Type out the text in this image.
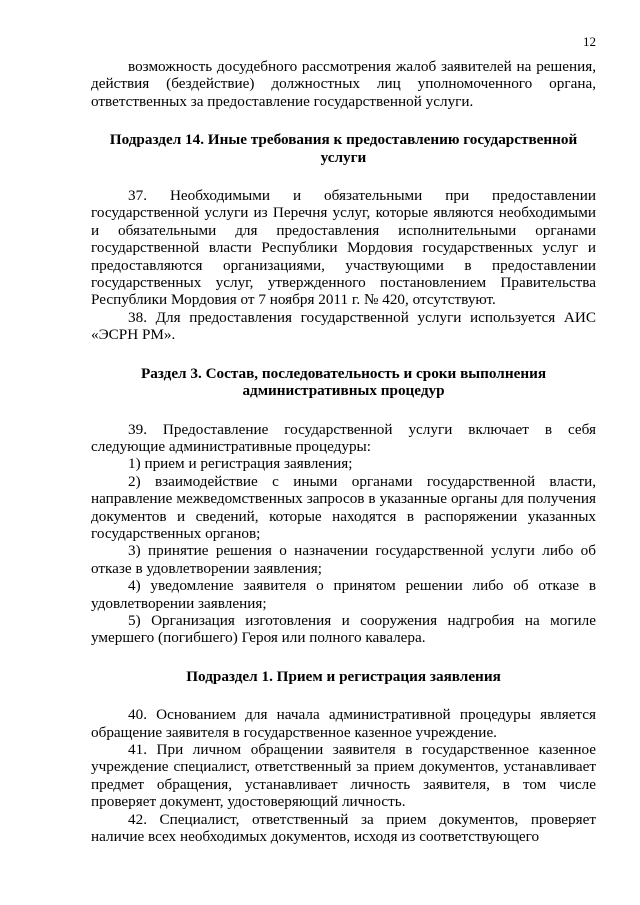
12

возможность досудебного рассмотрения жалоб заявителей на решения, действия (бездействие) должностных лиц уполномоченного органа, ответственных за предоставление государственной услуги.

Подраздел 14. Иные требования к предоставлению государственной услуги

37. Необходимыми и обязательными при предоставлении государственной услуги из Перечня услуг, которые являются необходимыми и обязательными для предоставления исполнительными органами государственной власти Республики Мордовия государственных услуг и предоставляются организациями, участвующими в предоставлении государственных услуг, утвержденного постановлением Правительства Республики Мордовия от 7 ноября 2011 г. № 420, отсутствуют.

38. Для предоставления государственной услуги используется АИС «ЭСРН РМ».

Раздел 3. Состав, последовательность и сроки выполнения административных процедур

39. Предоставление государственной услуги включает в себя следующие административные процедуры:

1) прием и регистрация заявления;

2) взаимодействие с иными органами государственной власти, направление межведомственных запросов в указанные органы для получения документов и сведений, которые находятся в распоряжении указанных государственных органов;

3) принятие решения о назначении государственной услуги либо об отказе в удовлетворении заявления;

4) уведомление заявителя о принятом решении либо об отказе в удовлетворении заявления;

5) Организация изготовления и сооружения надгробия на могиле умершего (погибшего) Героя или полного кавалера.

Подраздел 1. Прием и регистрация заявления

40. Основанием для начала административной процедуры является обращение заявителя в государственное казенное учреждение.

41. При личном обращении заявителя в государственное казенное учреждение специалист, ответственный за прием документов, устанавливает предмет обращения, устанавливает личность заявителя, в том числе проверяет документ, удостоверяющий личность.

42. Специалист, ответственный за прием документов, проверяет наличие всех необходимых документов, исходя из соответствующего
